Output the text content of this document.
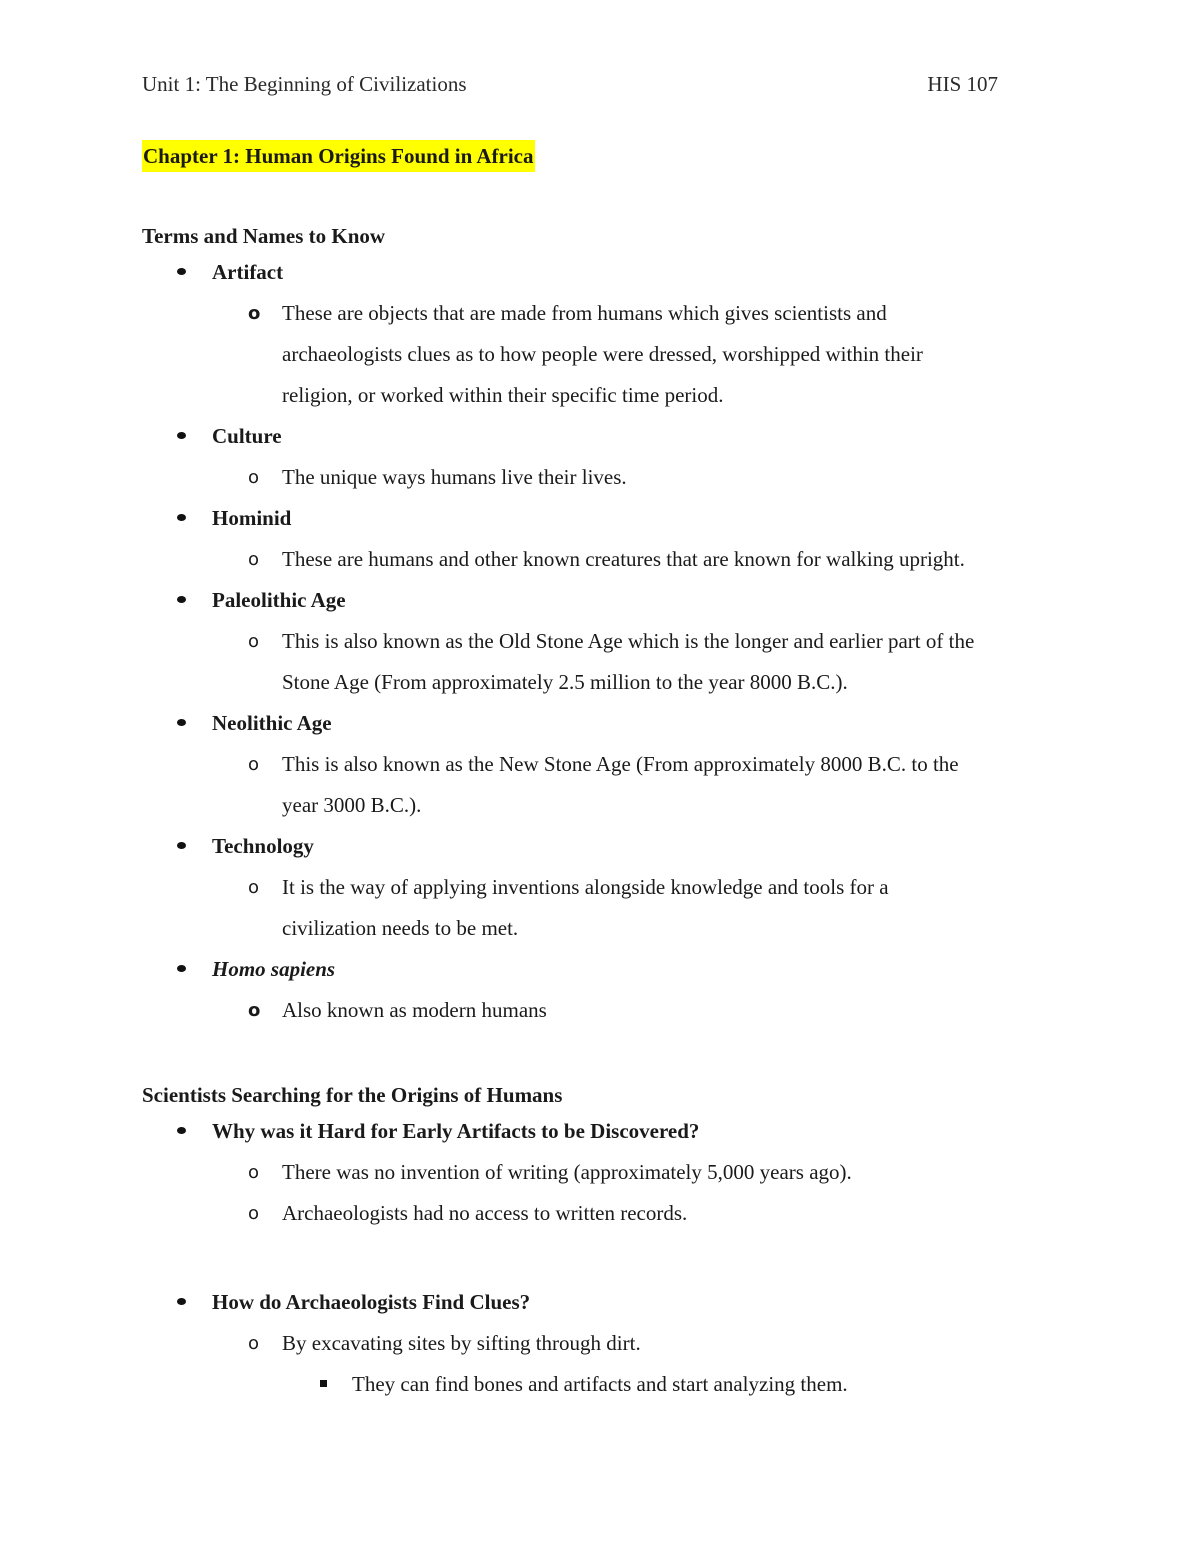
Unit 1: The Beginning of Civilizations	HIS 107
Chapter 1: Human Origins Found in Africa
Terms and Names to Know
Artifact
o These are objects that are made from humans which gives scientists and
archaeologists clues as to how people were dressed, worshipped within their
religion, or worked within their specific time period.
Culture
o The unique ways humans live their lives.
Hominid
o These are humans and other known creatures that are known for walking upright.
Paleolithic Age
o This is also known as the Old Stone Age which is the longer and earlier part of the
Stone Age (From approximately 2.5 million to the year 8000 B.C.).
Neolithic Age
o This is also known as the New Stone Age (From approximately 8000 B.C. to the
year 3000 B.C.).
Technology
o It is the way of applying inventions alongside knowledge and tools for a
civilization needs to be met.
Homo sapiens
o Also known as modern humans
Scientists Searching for the Origins of Humans
Why was it Hard for Early Artifacts to be Discovered?
o There was no invention of writing (approximately 5,000 years ago).
o Archaeologists had no access to written records.
How do Archaeologists Find Clues?
o By excavating sites by sifting through dirt.
They can find bones and artifacts and start analyzing them.
